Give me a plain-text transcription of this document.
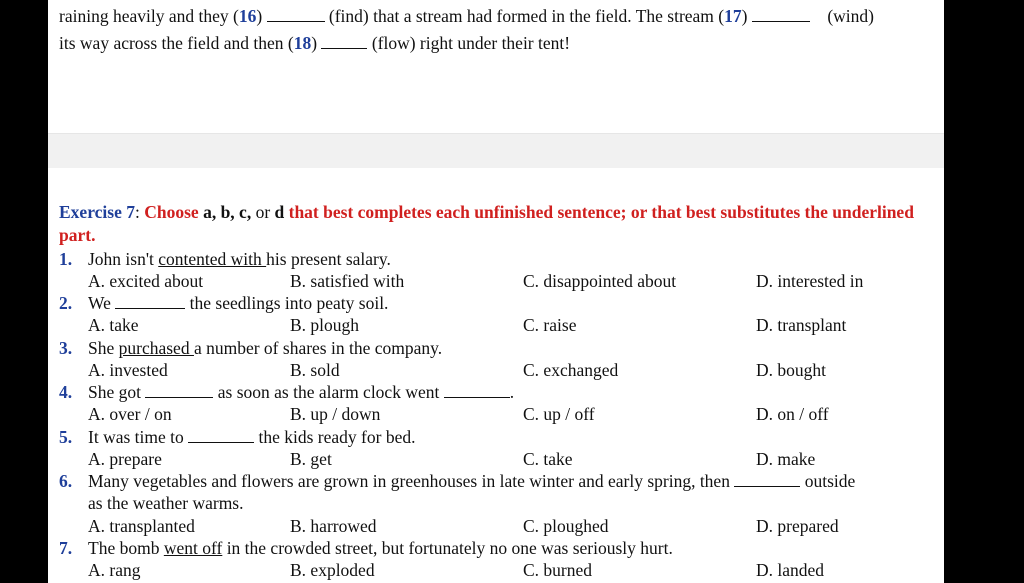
raining heavily and they (16)	(find) that a stream had formed in the field. The stream (17)	(wind)
its way across the field and then (18)	(flow) right under their tent!
Exercise 7: Choose a, b, c, or d that best completes each unfinished sentence; or that best substitutes the underlined part.
1. John isn't contented with his present salary.
A. excited about	B. satisfied with	C. disappointed about	D. interested in
2. We	the seedlings into peaty soil.
A. take	B. plough	C. raise	D. transplant
3. She purchased a number of shares in the company.
A. invested	B. sold	C. exchanged	D. bought
4. She got	as soon as the alarm clock went	.
A. over / on	B. up / down	C. up / off	D. on / off
5. It was time to	the kids ready for bed.
A. prepare	B. get	C. take	D. make
6. Many vegetables and flowers are grown in greenhouses in late winter and early spring, then	outside
as the weather warms.
A. transplanted	B. harrowed	C. ploughed	D. prepared
7. The bomb went off in the crowded street, but fortunately no one was seriously hurt.
A. rang	B. exploded	C. burned	D. landed
